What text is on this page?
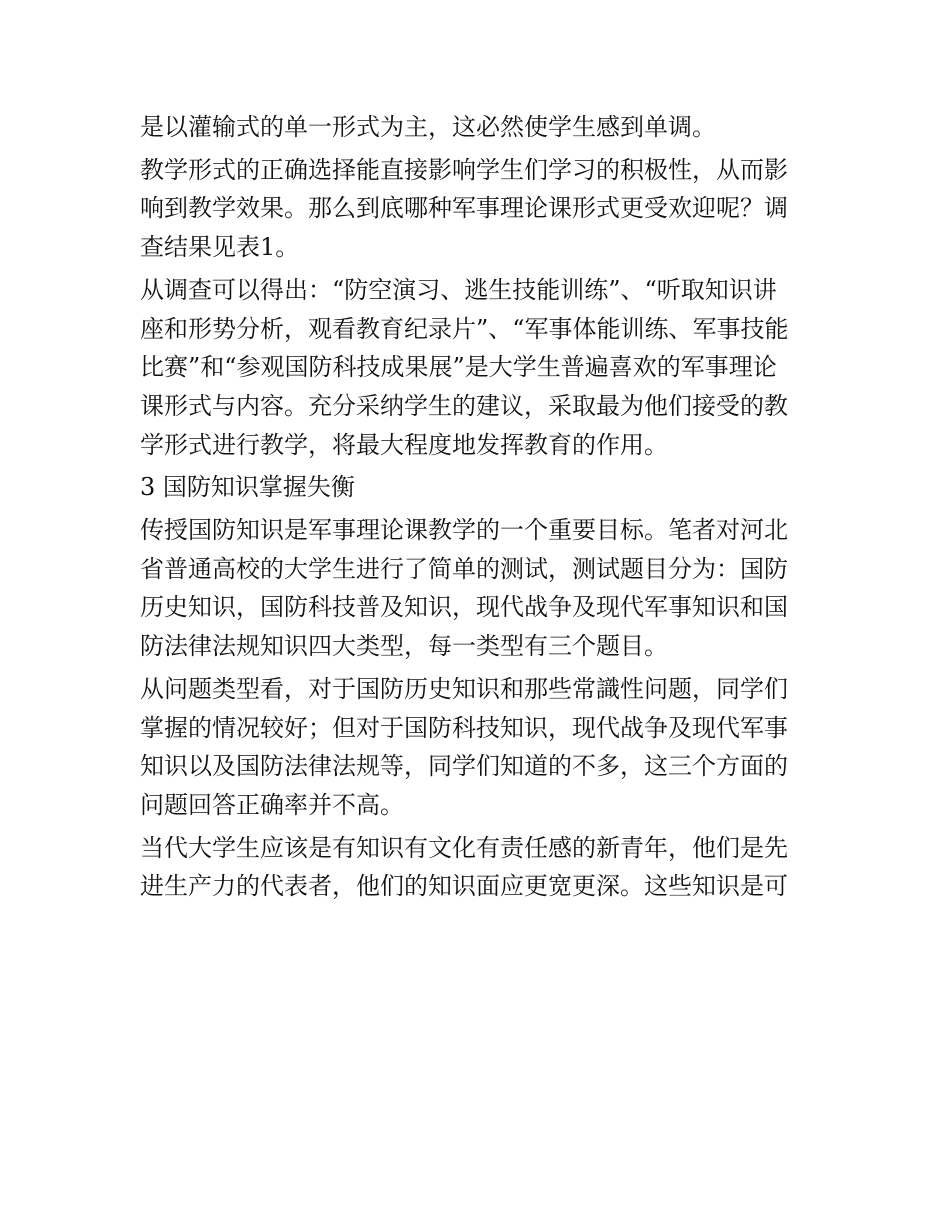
是以灌输式的单一形式为主，这必然使学生感到单调。

教学形式的正确选择能直接影响学生们学习的积极性，从而影
响到教学效果。那么到底哪种军事理论课形式更受欢迎呢？调
查结果见表1。

从调查可以得出：“防空演习、逃生技能训练”、“听取知识讲
座和形势分析，观看教育纪录片”、“军事体能训练、军事技能
比赛”和“参观国防科技成果展”是大学生普遍喜欢的军事理论
课形式与内容。充分采纳学生的建议，采取最为他们接受的教
学形式进行教学，将最大程度地发挥教育的作用。

3 国防知识掌握失衡

传授国防知识是军事理论课教学的一个重要目标。笔者对河北
省普通高校的大学生进行了简单的测试，测试题目分为：国防
历史知识，国防科技普及知识，现代战争及现代军事知识和国
防法律法规知识四大类型，每一类型有三个题目。

从问题类型看，对于国防历史知识和那些常識性问题，同学们
掌握的情况较好；但对于国防科技知识，现代战争及现代军事
知识以及国防法律法规等，同学们知道的不多，这三个方面的
问题回答正确率并不高。

当代大学生应该是有知识有文化有责任感的新青年，他们是先
进生产力的代表者，他们的知识面应更宽更深。这些知识是可
